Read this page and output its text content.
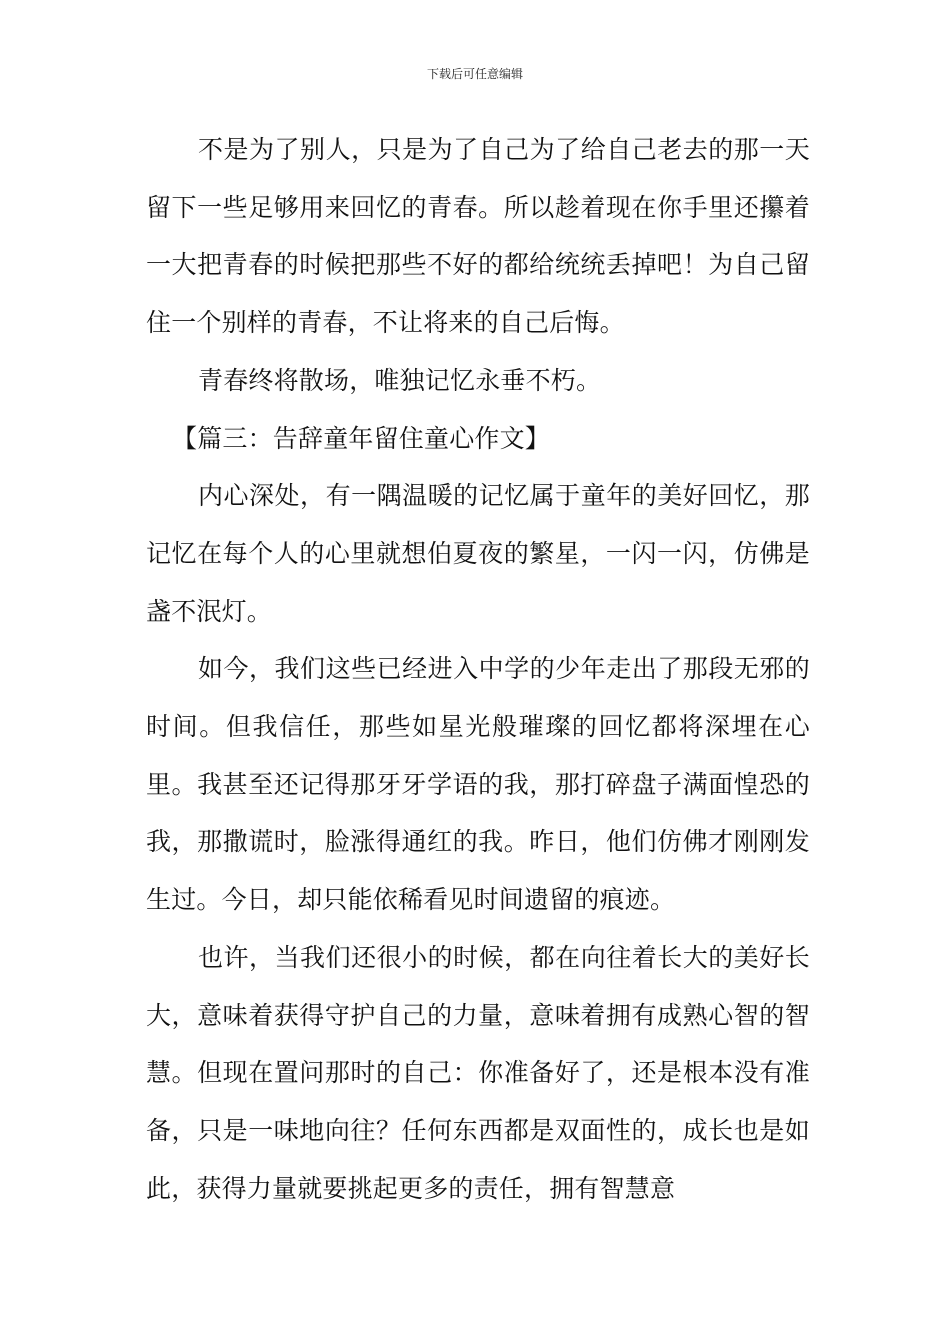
下载后可任意编辑

不是为了别人，只是为了自己为了给自己老去的那一天留下一些足够用来回忆的青春。所以趁着现在你手里还攥着一大把青春的时候把那些不好的都给统统丢掉吧！为自己留住一个别样的青春，不让将来的自己后悔。

青春终将散场，唯独记忆永垂不朽。

【篇三：告辞童年留住童心作文】

内心深处，有一隅温暖的记忆属于童年的美好回忆，那记忆在每个人的心里就想伯夏夜的繁星，一闪一闪，仿佛是盏不泯灯。

如今，我们这些已经进入中学的少年走出了那段无邪的时间。但我信任，那些如星光般璀璨的回忆都将深埋在心里。我甚至还记得那牙牙学语的我，那打碎盘子满面惶恐的我，那撒谎时，脸涨得通红的我。昨日，他们仿佛才刚刚发生过。今日，却只能依稀看见时间遗留的痕迹。

也许，当我们还很小的时候，都在向往着长大的美好长大，意味着获得守护自己的力量，意味着拥有成熟心智的智慧。但现在置问那时的自己：你准备好了，还是根本没有准备，只是一味地向往？任何东西都是双面性的，成长也是如此，获得力量就要挑起更多的责任，拥有智慧意
